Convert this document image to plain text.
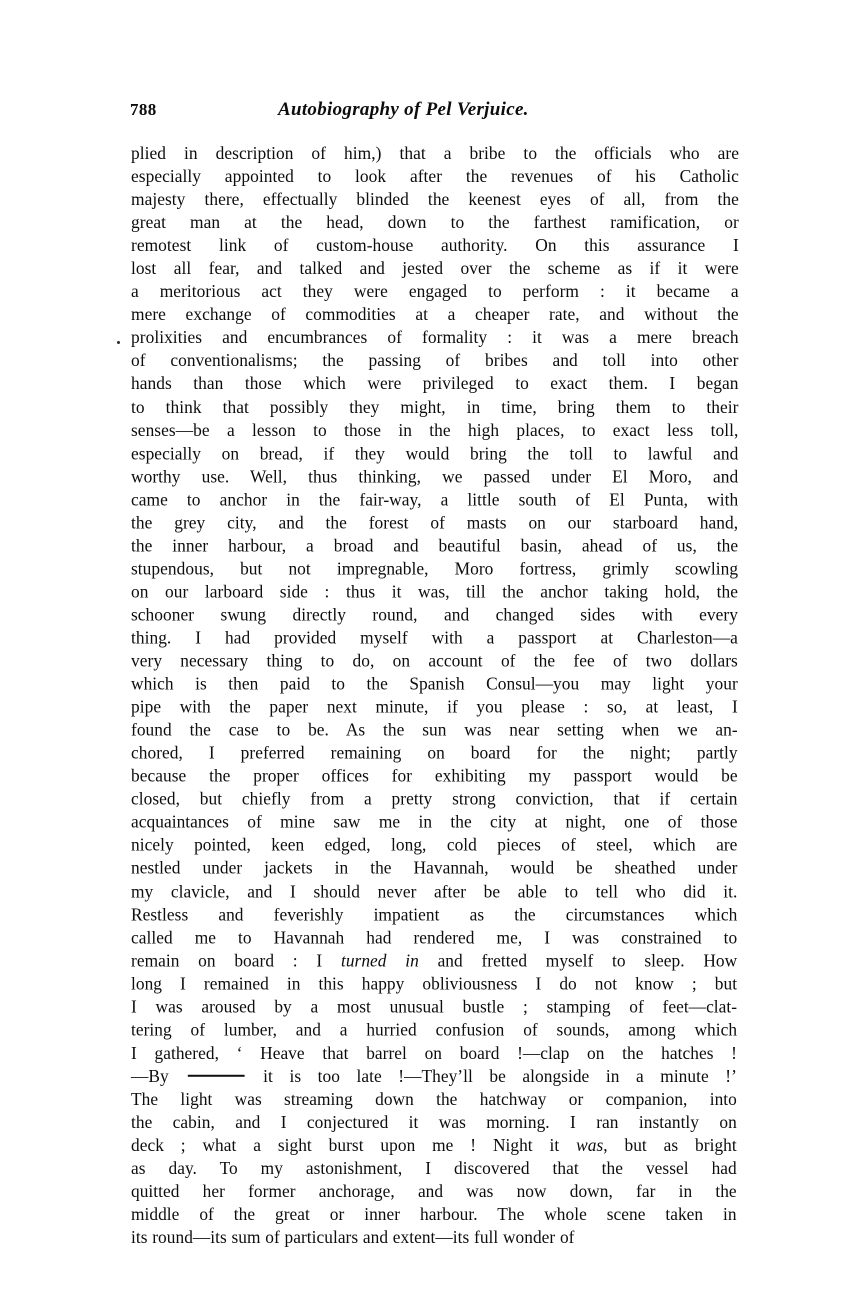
788	Autobiography of Pel Verjuice.
plied in description of him,) that a bribe to the officials who are
especially appointed to look after the revenues of his Catholic
majesty there, effectually blinded the keenest eyes of all, from the
great man at the head, down to the farthest ramification, or
remotest link of custom-house authority. On this assurance I
lost all fear, and talked and jested over the scheme as if it were
a meritorious act they were engaged to perform : it became a
mere exchange of commodities at a cheaper rate, and without the
prolixities and encumbrances of formality : it was a mere breach
of conventionalisms; the passing of bribes and toll into other
hands than those which were privileged to exact them. I began
to think that possibly they might, in time, bring them to their
senses—be a lesson to those in the high places, to exact less toll,
especially on bread, if they would bring the toll to lawful and
worthy use. Well, thus thinking, we passed under El Moro, and
came to anchor in the fair-way, a little south of El Punta, with
the grey city, and the forest of masts on our starboard hand,
the inner harbour, a broad and beautiful basin, ahead of us, the
stupendous, but not impregnable, Moro fortress, grimly scowling
on our larboard side : thus it was, till the anchor taking hold, the
schooner swung directly round, and changed sides with every
thing. I had provided myself with a passport at Charleston—a
very necessary thing to do, on account of the fee of two dollars
which is then paid to the Spanish Consul—you may light your
pipe with the paper next minute, if you please : so, at least, I
found the case to be. As the sun was near setting when we an-
chored, I preferred remaining on board for the night; partly
because the proper offices for exhibiting my passport would be
closed, but chiefly from a pretty strong conviction, that if certain
acquaintances of mine saw me in the city at night, one of those
nicely pointed, keen edged, long, cold pieces of steel, which are
nestled under jackets in the Havannah, would be sheathed under
my clavicle, and I should never after be able to tell who did it.
Restless and feverishly impatient as the circumstances which
called me to Havannah had rendered me, I was constrained to
remain on board : I turned in and fretted myself to sleep. How
long I remained in this happy obliviousness I do not know ; but
I was aroused by a most unusual bustle ; stamping of feet—clat-
tering of lumber, and a hurried confusion of sounds, among which
I gathered, ‘ Heave that barrel on board !—clap on the hatches !
—By	it is too late !—They’ll be alongside in a minute !’
The light was streaming down the hatchway or companion, into
the cabin, and I conjectured it was morning. I ran instantly on
deck ; what a sight burst upon me ! Night it was, but as bright
as day. To my astonishment, I discovered that the vessel had
quitted her former anchorage, and was now down, far in the
middle of the great or inner harbour. The whole scene taken in
its round—its sum of particulars and extent—its full wonder of
